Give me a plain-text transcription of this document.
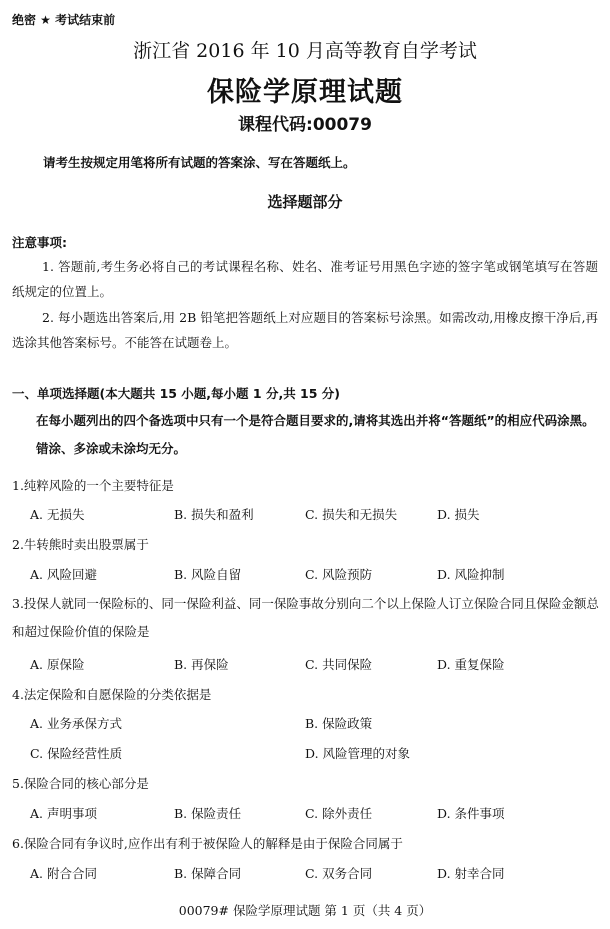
绝密 ★ 考试结束前
浙江省 2016 年 10 月高等教育自学考试
保险学原理试题
课程代码:00079
请考生按规定用笔将所有试题的答案涂、写在答题纸上。
选择题部分
注意事项:
1. 答题前,考生务必将自己的考试课程名称、姓名、准考证号用黑色字迹的签字笔或钢笔填写在答题纸规定的位置上。
2. 每小题选出答案后,用 2B 铅笔把答题纸上对应题目的答案标号涂黑。如需改动,用橡皮擦干净后,再选涂其他答案标号。不能答在试题卷上。
一、单项选择题(本大题共 15 小题,每小题 1 分,共 15 分)
在每小题列出的四个备选项中只有一个是符合题目要求的,请将其选出并将“答题纸”的相应代码涂黑。错涂、多涂或未涂均无分。
1.纯粹风险的一个主要特征是
A. 无损失	B. 损失和盈利	C. 损失和无损失	D. 损失
2.牛转熊时卖出股票属于
A. 风险回避	B. 风险自留	C. 风险预防	D. 风险抑制
3.投保人就同一保险标的、同一保险利益、同一保险事故分别向二个以上保险人订立保险合同且保险金额总和超过保险价值的保险是
A. 原保险	B. 再保险	C. 共同保险	D. 重复保险
4.法定保险和自愿保险的分类依据是
A. 业务承保方式	B. 保险政策
C. 保险经营性质	D. 风险管理的对象
5.保险合同的核心部分是
A. 声明事项	B. 保险责任	C. 除外责任	D. 条件事项
6.保险合同有争议时,应作出有利于被保险人的解释是由于保险合同属于
A. 附合合同	B. 保障合同	C. 双务合同	D. 射幸合同
00079# 保险学原理试题 第 1 页（共 4 页）
